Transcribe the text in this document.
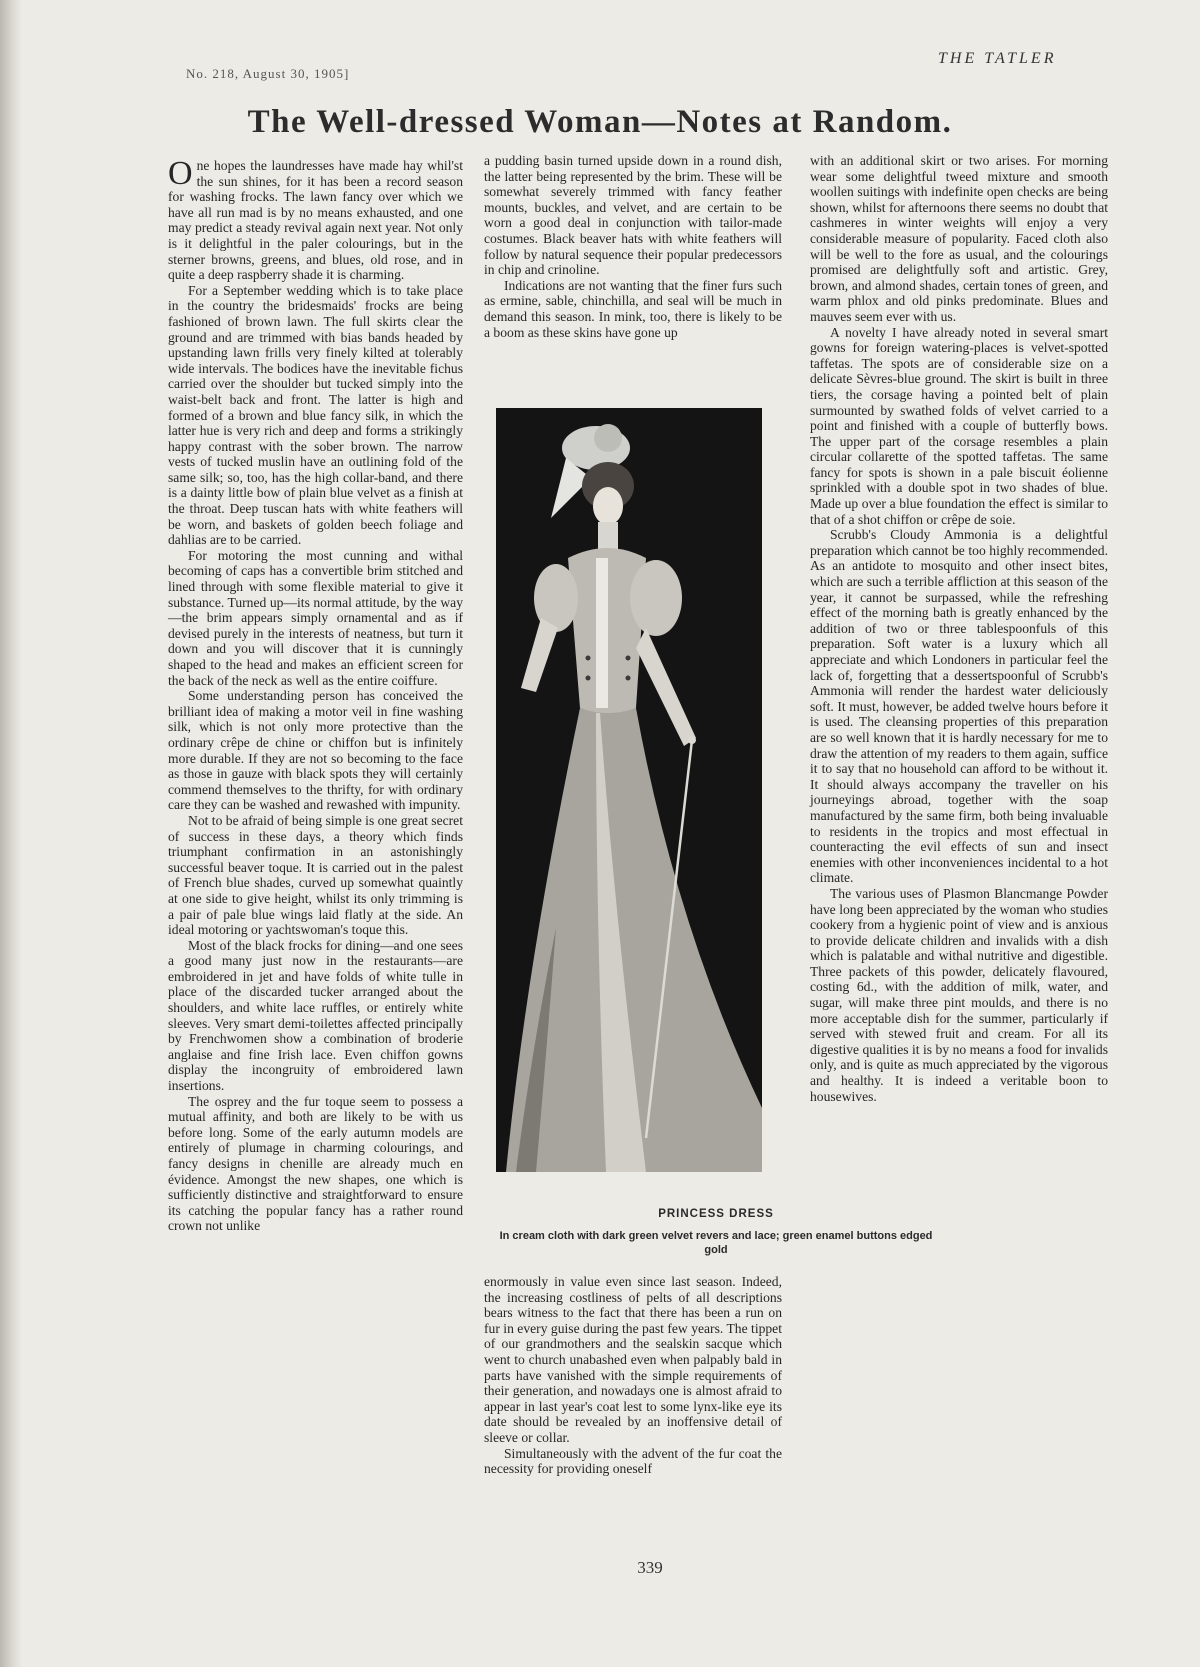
No. 218, August 30, 1905]
THE TATLER
The Well-dressed Woman—Notes at Random.

One hopes the laundresses have made hay whil'st the sun shines, for it has been a record season for washing frocks. The lawn fancy over which we have all run mad is by no means exhausted, and one may predict a steady revival again next year. Not only is it delightful in the paler colourings, but in the sterner browns, greens, and blues, old rose, and in quite a deep raspberry shade it is charming.

For a September wedding which is to take place in the country the bridesmaids' frocks are being fashioned of brown lawn. The full skirts clear the ground and are trimmed with bias bands headed by upstanding lawn frills very finely kilted at tolerably wide intervals. The bodices have the inevitable fichus carried over the shoulder but tucked simply into the waist-belt back and front. The latter is high and formed of a brown and blue fancy silk, in which the latter hue is very rich and deep and forms a strikingly happy contrast with the sober brown. The narrow vests of tucked muslin have an outlining fold of the same silk; so, too, has the high collar-band, and there is a dainty little bow of plain blue velvet as a finish at the throat. Deep tuscan hats with white feathers will be worn, and baskets of golden beech foliage and dahlias are to be carried.

For motoring the most cunning and withal becoming of caps has a convertible brim stitched and lined through with some flexible material to give it substance. Turned up—its normal attitude, by the way—the brim appears simply ornamental and as if devised purely in the interests of neatness, but turn it down and you will discover that it is cunningly shaped to the head and makes an efficient screen for the back of the neck as well as the entire coiffure.

Some understanding person has conceived the brilliant idea of making a motor veil in fine washing silk, which is not only more protective than the ordinary crêpe de chine or chiffon but is infinitely more durable. If they are not so becoming to the face as those in gauze with black spots they will certainly commend themselves to the thrifty, for with ordinary care they can be washed and rewashed with impunity.

Not to be afraid of being simple is one great secret of success in these days, a theory which finds triumphant confirmation in an astonishingly successful beaver toque. It is carried out in the palest of French blue shades, curved up somewhat quaintly at one side to give height, whilst its only trimming is a pair of pale blue wings laid flatly at the side. An ideal motoring or yachtswoman's toque this.

Most of the black frocks for dining—and one sees a good many just now in the restaurants—are embroidered in jet and have folds of white tulle in place of the discarded tucker arranged about the shoulders, and white lace ruffles, or entirely white sleeves. Very smart demi-toilettes affected principally by Frenchwomen show a combination of broderie anglaise and fine Irish lace. Even chiffon gowns display the incongruity of embroidered lawn insertions.

The osprey and the fur toque seem to possess a mutual affinity, and both are likely to be with us before long. Some of the early autumn models are entirely of plumage in charming colourings, and fancy designs in chenille are already much en évidence. Amongst the new shapes, one which is sufficiently distinctive and straightforward to ensure its catching the popular fancy has a rather round crown not unlike

a pudding basin turned upside down in a round dish, the latter being represented by the brim. These will be somewhat severely trimmed with fancy feather mounts, buckles, and velvet, and are certain to be worn a good deal in conjunction with tailor-made costumes. Black beaver hats with white feathers will follow by natural sequence their popular predecessors in chip and crinoline.

Indications are not wanting that the finer furs such as ermine, sable, chinchilla, and seal will be much in demand this season. In mink, too, there is likely to be a boom as these skins have gone up

PRINCESS DRESS
In cream cloth with dark green velvet revers and lace; green enamel buttons edged gold

enormously in value even since last season. Indeed, the increasing costliness of pelts of all descriptions bears witness to the fact that there has been a run on fur in every guise during the past few years. The tippet of our grandmothers and the sealskin sacque which went to church unabashed even when palpably bald in parts have vanished with the simple requirements of their generation, and nowadays one is almost afraid to appear in last year's coat lest to some lynx-like eye its date should be revealed by an inoffensive detail of sleeve or collar.

Simultaneously with the advent of the fur coat the necessity for providing oneself

with an additional skirt or two arises. For morning wear some delightful tweed mixture and smooth woollen suitings with indefinite open checks are being shown, whilst for afternoons there seems no doubt that cashmeres in winter weights will enjoy a very considerable measure of popularity. Faced cloth also will be well to the fore as usual, and the colourings promised are delightfully soft and artistic. Grey, brown, and almond shades, certain tones of green, and warm phlox and old pinks predominate. Blues and mauves seem ever with us.

A novelty I have already noted in several smart gowns for foreign watering-places is velvet-spotted taffetas. The spots are of considerable size on a delicate Sèvres-blue ground. The skirt is built in three tiers, the corsage having a pointed belt of plain surmounted by swathed folds of velvet carried to a point and finished with a couple of butterfly bows. The upper part of the corsage resembles a plain circular collarette of the spotted taffetas. The same fancy for spots is shown in a pale biscuit éolienne sprinkled with a double spot in two shades of blue. Made up over a blue foundation the effect is similar to that of a shot chiffon or crêpe de soie.

Scrubb's Cloudy Ammonia is a delightful preparation which cannot be too highly recommended. As an antidote to mosquito and other insect bites, which are such a terrible affliction at this season of the year, it cannot be surpassed, while the refreshing effect of the morning bath is greatly enhanced by the addition of two or three tablespoonfuls of this preparation. Soft water is a luxury which all appreciate and which Londoners in particular feel the lack of, forgetting that a dessertspoonful of Scrubb's Ammonia will render the hardest water deliciously soft. It must, however, be added twelve hours before it is used. The cleansing properties of this preparation are so well known that it is hardly necessary for me to draw the attention of my readers to them again, suffice it to say that no household can afford to be without it. It should always accompany the traveller on his journeyings abroad, together with the soap manufactured by the same firm, both being invaluable to residents in the tropics and most effectual in counteracting the evil effects of sun and insect enemies with other inconveniences incidental to a hot climate.

The various uses of Plasmon Blancmange Powder have long been appreciated by the woman who studies cookery from a hygienic point of view and is anxious to provide delicate children and invalids with a dish which is palatable and withal nutritive and digestible. Three packets of this powder, delicately flavoured, costing 6d., with the addition of milk, water, and sugar, will make three pint moulds, and there is no more acceptable dish for the summer, particularly if served with stewed fruit and cream. For all its digestive qualities it is by no means a food for invalids only, and is quite as much appreciated by the vigorous and healthy. It is indeed a veritable boon to housewives.

339
